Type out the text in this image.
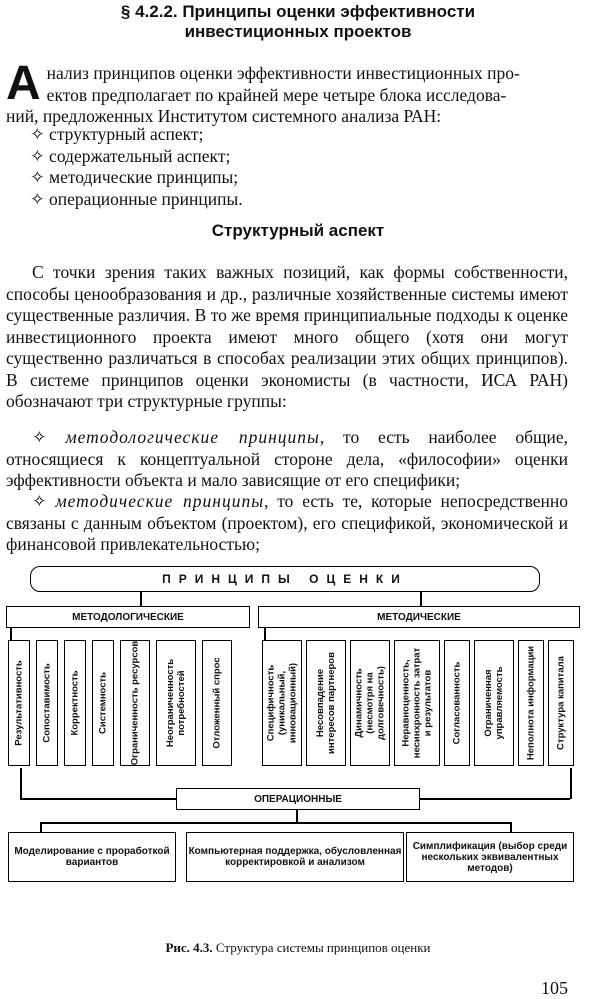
§ 4.2.2. Принципы оценки эффективности
инвестиционных проектов
А нализ принципов оценки эффективности инвестиционных про-
ектов предполагает по крайней мере четыре блока исследова-
ний, предложенных Институтом системного анализа РАН:
✧ структурный аспект;
✧ содержательный аспект;
✧ методические принципы;
✧ операционные принципы.
Структурный аспект
С точки зрения таких важных позиций, как формы собственности, способы ценообразования и др., различные хозяйственные системы имеют существенные различия. В то же время принципиальные подходы к оценке инвестиционного проекта имеют много общего (хотя они могут существенно различаться в способах реализации этих общих принципов). В системе принципов оценки экономисты (в частности, ИСА РАН) обозначают три структурные группы:
✧ методологические принципы, то есть наиболее общие, относящиеся к концептуальной стороне дела, «философии» оценки эффективности объекта и мало зависящие от его специфики;
✧ методические принципы, то есть те, которые непосредственно связаны с данным объектом (проектом), его спецификой, экономической и финансовой привлекательностью;
ПРИНЦИПЫ ОЦЕНКИ
МЕТОДОЛОГИЧЕСКИЕ	МЕТОДИЧЕСКИЕ
Результативность Сопоставимость Корректность Системность Ограниченность ресурсов	Неограниченность потребностей	Отложенный спрос	Специфичность (уникальный, инновационный) Несовпадение интересов партнеров Динамичность (несмотря на долговечность) Неравноценность, несинхронность затрат и результатов Согласованность Ограниченная управляемость Неполнота информации Структура капитала
ОПЕРАЦИОННЫЕ
Моделирование с проработкой вариантов
Компьютерная поддержка, обусловленная корректировкой и анализом
Симплификация (выбор среди нескольких эквивалентных методов)
Рис. 4.3. Структура системы принципов оценки
105
